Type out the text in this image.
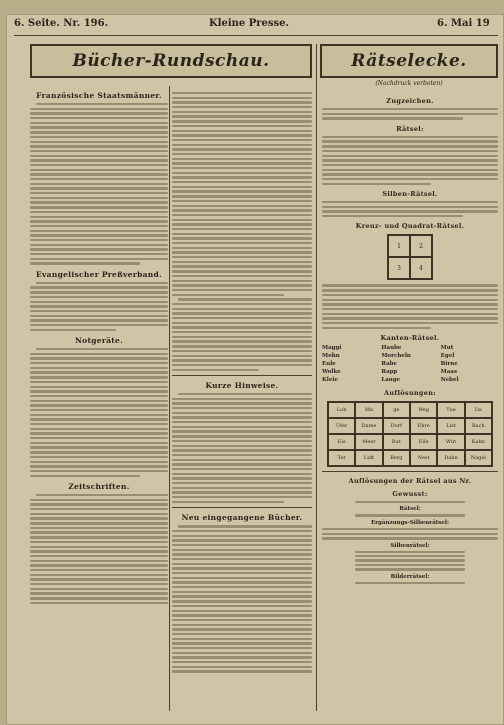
6. Seite. Nr. 196.	Kleine Presse.	6. Mai 19
Bücher-Rundschau.	Rätselecke.
(Nachdruck verboten)
Französische Staatsmänner.
Evangelischer Preßverband.
Notgeräte.
Zeitschriften.
Kurze Hinweise.
Neu eingegangene Bücher.
Zugzeichen.
Rätsel:
Silben-Rätsel.
Kreuz- und Quadrat-Rätsel.
1	2
3	4
Kanten-Rätsel.
Maggi	Haube	Mut
Mohn	Morcheln	Egel
Eule	Rabe	Birne
Wolke	Rapp	Maas
Kleie	Lauge	Nebel
Auflösungen:
Lob	Ma	ge	Weg	Tue	Da
Ufer	Dame	Dorf	Ehre	List	Bach
Eis	Meer	Rat	Eile	Wut	Kahn
Ter	Lidt	Berg	Nest	Dahn	Nagel
Auflösungen der Rätsel aus Nr.
Gewusst:
Rätsel:
Ergänzungs-Silbenrätsel:
Silbenrätsel:
Bilderrätsel:
